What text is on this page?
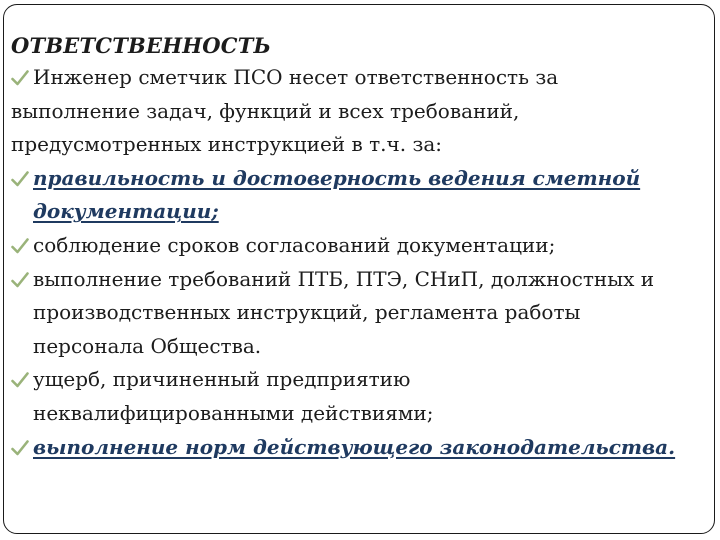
ОТВЕТСТВЕННОСТЬ
Инженер сметчик ПСО несет ответственность за
выполнение задач, функций и всех требований,
предусмотренных инструкцией в т.ч. за:
правильность и достоверность ведения сметной
документации;
соблюдение сроков согласований документации;
выполнение требований ПТБ, ПТЭ, СНиП, должностных и
производственных инструкций, регламента работы
персонала Общества.
ущерб, причиненный предприятию
неквалифицированными действиями;
выполнение норм действующего законодательства.
